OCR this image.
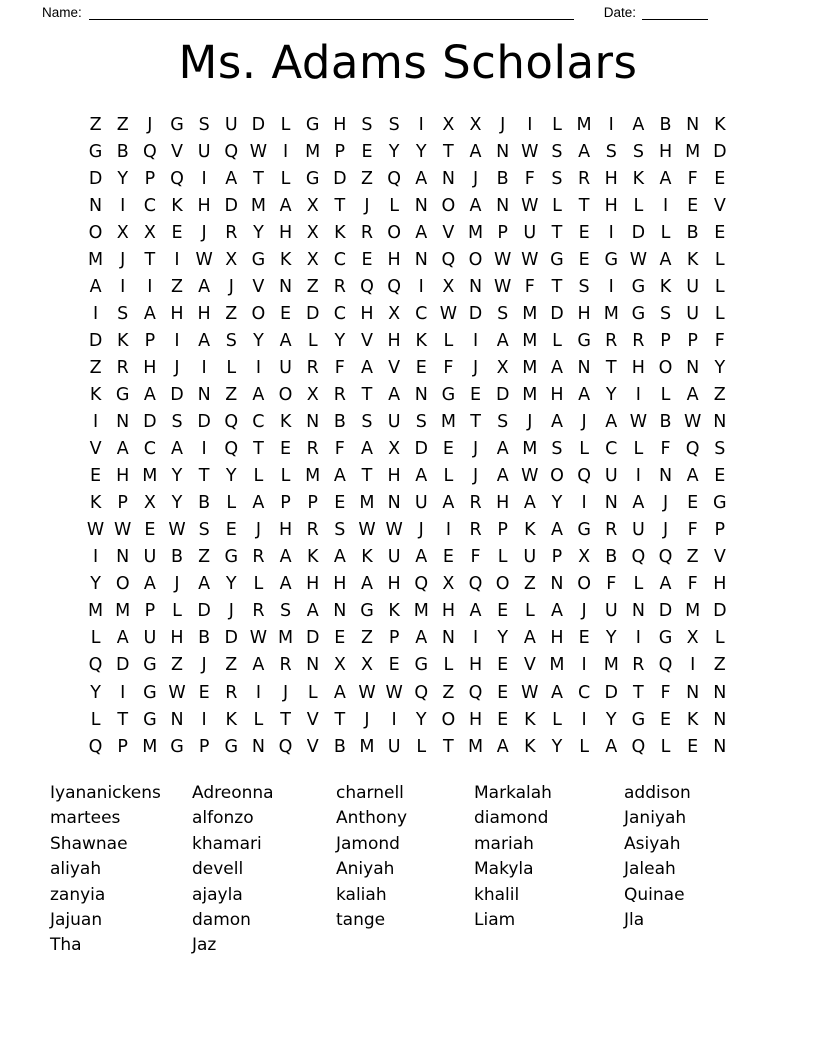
Name:	Date:
Ms. Adams Scholars
Z Z	J	G S U D L G H S S	I	X X	J	I	L M I	A B N K
G B Q V U Q W I M P E Y Y T A N W S A S S H M D
D Y P Q	I	A T L G D Z Q A N	J	B F S R H K A F E
N	I	C K H D M A X T	J	L N O A N W L T H L	I	E V
O X X E	J	R Y H X K R O A V M P U T E	I	D L B E
M J	T	I W X G K X C E H N Q O W W G E G W A K L
A	I	I	Z A	J	V N Z R Q Q	I	X N W F T S	I	G K U L
I	S A H H Z O E D C H X C W D S M D H M G S U L
D K P	I	A S Y A L Y V H K L	I	A M L G R R P P F
Z R H	J	I	L	I	U R F A V E F	J	X M A N T H O N Y
K G A D N Z A O X R T A N G E D M H A Y	I	L A Z
I	N D S D Q C K N B S U S M T S	J	A	J	A W B W N
V A C A	I	Q T E R F A X D E	J	A M S L C L F Q S
E H M Y T Y L L M A T H A L	J	A W O Q U	I	N A E
K P X Y B L A P P E M N U A R H A Y	I	N A	J	E G
W W E W S E	J	H R S W W J	I	R P K A G R U	J	F P
I	N U B Z G R A K A K U A E F L U P X B Q Q Z V
Y O A	J	A Y L A H H A H Q X Q O Z N O F L A F H
M M P L D	J	R S A N G K M H A E L A	J	U N D M D
L A U H B D W M D E Z P A N	I	Y A H E Y	I	G X L
Q D G Z	J	Z A R N X X E G L H E V M I M R Q	I	Z
Y	I	G W E R	I	J	L A W W Q Z Q E W A C D T F N N
L T G N	I	K L T V T	J	I	Y O H E K L	I	Y G E K N
Q P M G P G N Q V B M U L T M A K Y L A Q L E N
Iyananickens
martees
Shawnae
aliyah
zanyia
Jajuan
Tha
Adreonna
alfonzo
khamari
devell
ajayla
damon
Jaz
charnell
Anthony
Jamond
Aniyah
kaliah
tange
Markalah
diamond
mariah
Makyla
khalil
Liam
addison
Janiyah
Asiyah
Jaleah
Quinae
Jla
